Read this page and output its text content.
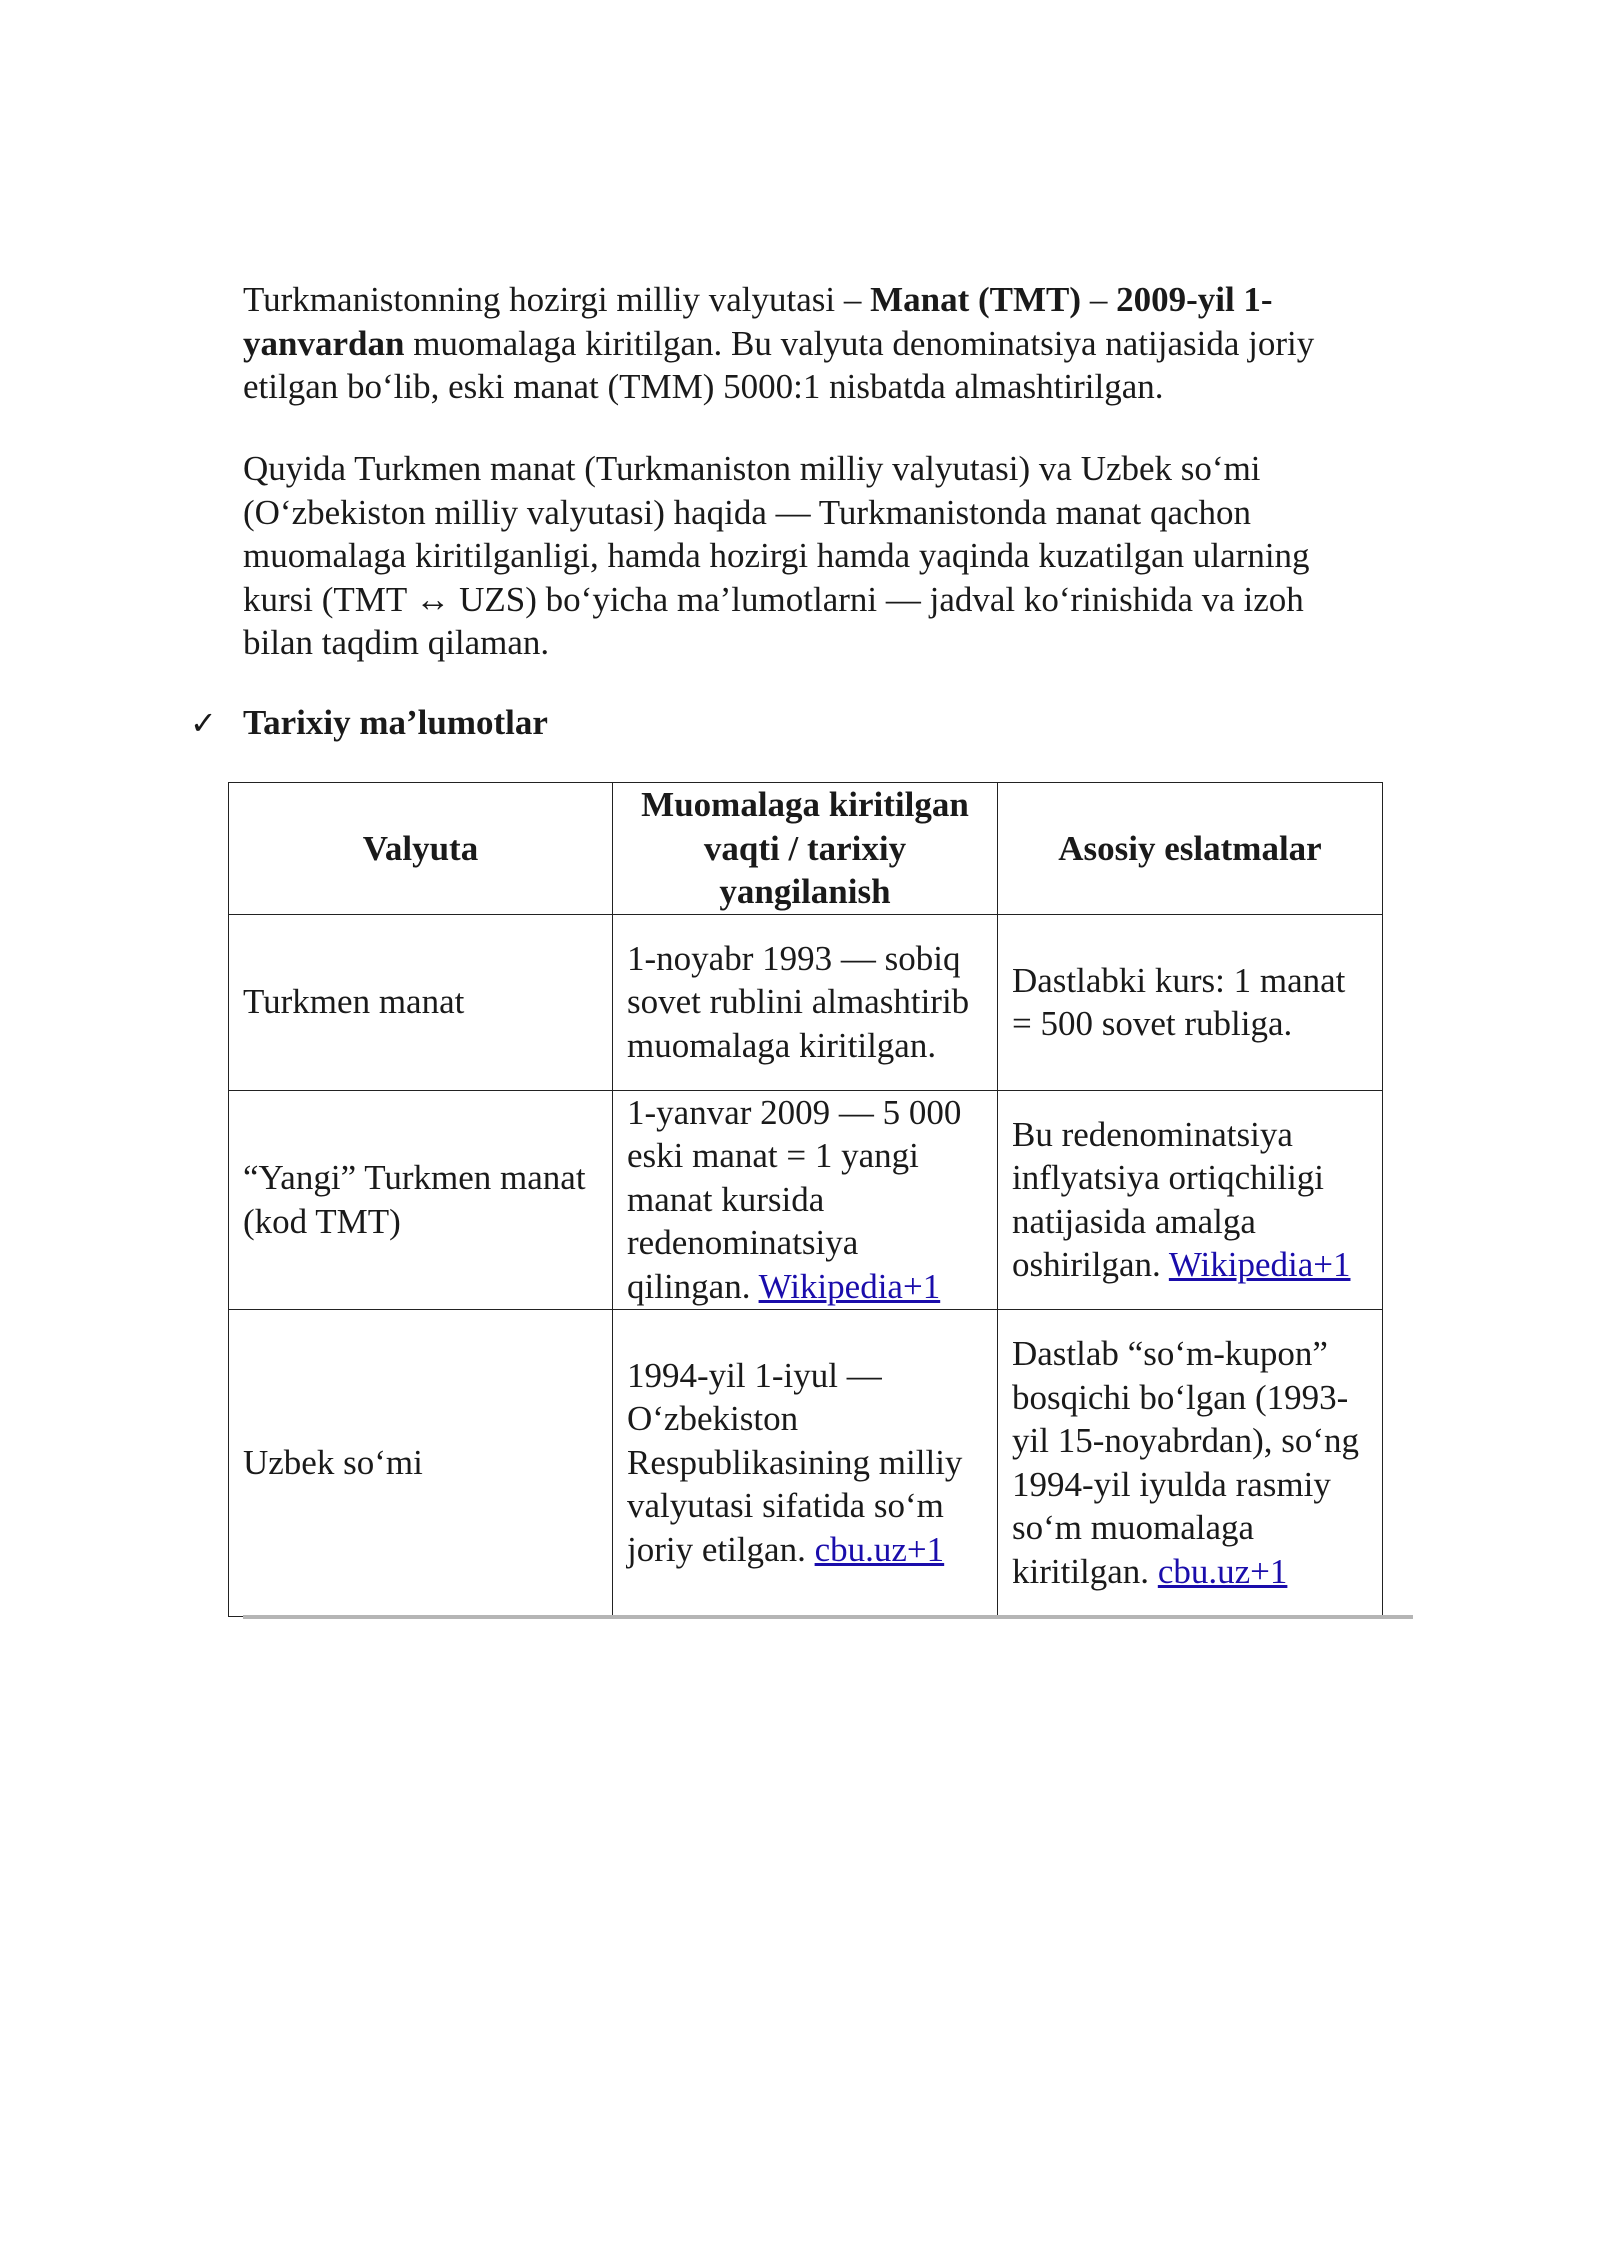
Turkmanistonning hozirgi milliy valyutasi – Manat (TMT) – 2009-yil 1-yanvardan muomalaga kiritilgan. Bu valyuta denominatsiya natijasida joriy etilgan bo‘lib, eski manat (TMM) 5000:1 nisbatda almashtirilgan.

Quyida Turkmen manat (Turkmaniston milliy valyutasi) va Uzbek so‘mi (O‘zbekiston milliy valyutasi) haqida — Turkmanistonda manat qachon muomalaga kiritilganligi, hamda hozirgi hamda yaqinda kuzatilgan ularning kursi (TMT ↔ UZS) bo‘yicha ma’lumotlarni — jadval ko‘rinishida va izoh bilan taqdim qilaman.

✓ Tarixiy ma’lumotlar

Valyuta	Muomalaga kiritilgan vaqti / tarixiy yangilanish	Asosiy eslatmalar
Turkmen manat	1-noyabr 1993 — sobiq sovet rublini almashtirib muomalaga kiritilgan.	Dastlabki kurs: 1 manat = 500 sovet rubliga.
“Yangi” Turkmen manat (kod TMT)	1-yanvar 2009 — 5 000 eski manat = 1 yangi manat kursida redenominatsiya qilingan. Wikipedia+1	Bu redenominatsiya inflyatsiya ortiqchiligi natijasida amalga oshirilgan. Wikipedia+1
Uzbek so‘mi	1994-yil 1-iyul — O‘zbekiston Respublikasining milliy valyutasi sifatida so‘m joriy etilgan. cbu.uz+1	Dastlab “so‘m-kupon” bosqichi bo‘lgan (1993-yil 15-noyabrdan), so‘ng 1994-yil iyulda rasmiy so‘m muomalaga kiritilgan. cbu.uz+1
